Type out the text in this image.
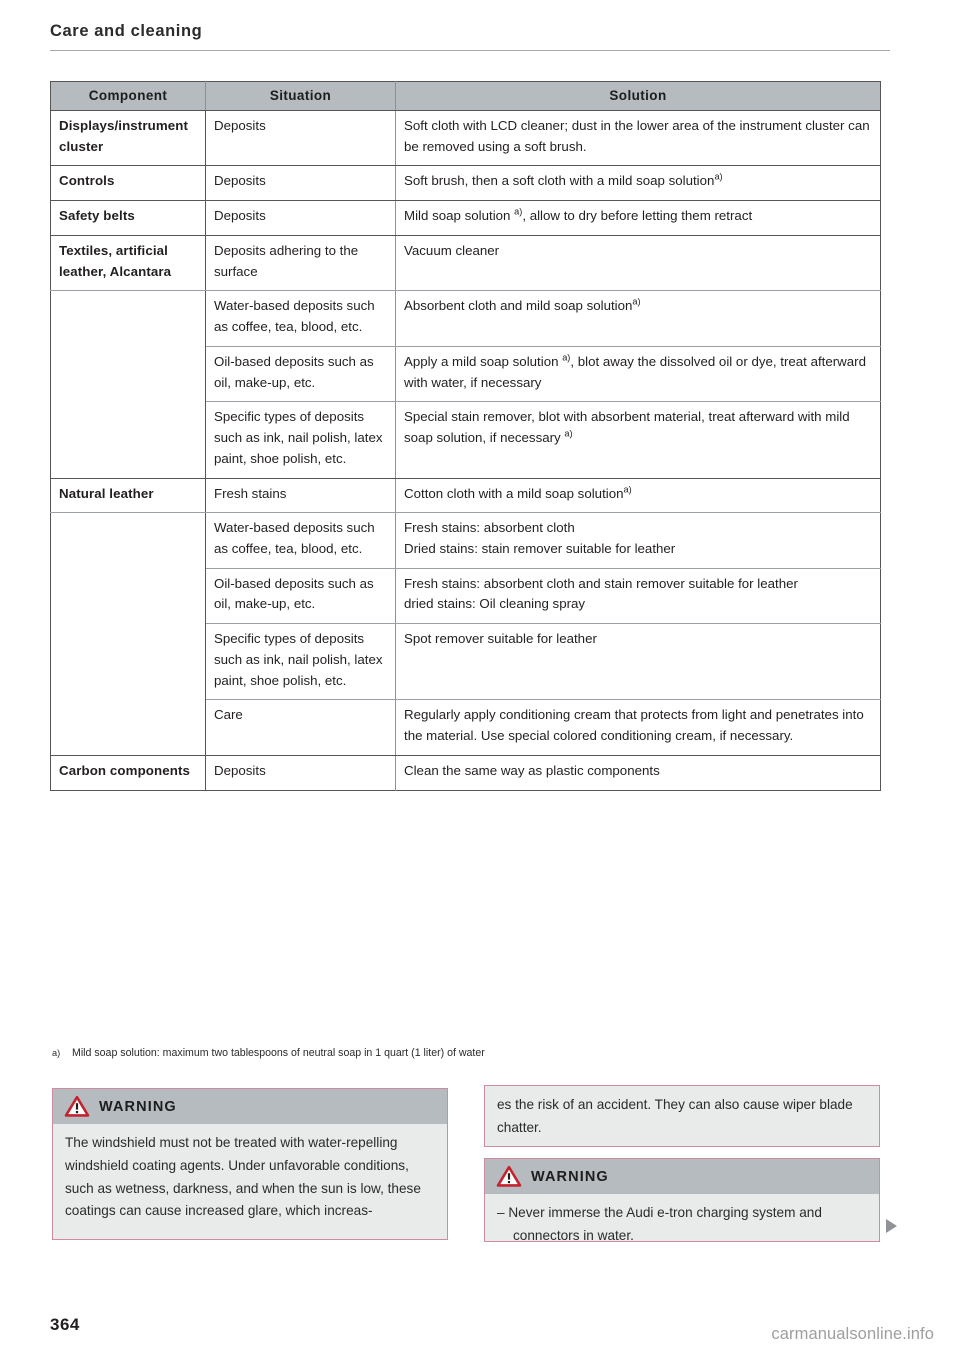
Care and cleaning
Component	Situation	Solution
Displays/instrument cluster	Deposits	Soft cloth with LCD cleaner; dust in the lower area of the instrument cluster can be removed using a soft brush.
Controls	Deposits	Soft brush, then a soft cloth with a mild soap solution$^{a)}$
Safety belts	Deposits	Mild soap solution $^{a)}$, allow to dry before letting them retract
Textiles, artificial leather, Alcantara	Deposits adhering to the surface	Vacuum cleaner
	Water-based deposits such as coffee, tea, blood, etc.	Absorbent cloth and mild soap solution$^{a)}$
	Oil-based deposits such as oil, make-up, etc.	Apply a mild soap solution $^{a)}$, blot away the dissolved oil or dye, treat afterward with water, if necessary
	Specific types of deposits such as ink, nail polish, latex paint, shoe polish, etc.	Special stain remover, blot with absorbent material, treat afterward with mild soap solution, if necessary $^{a)}$
Natural leather	Fresh stains	Cotton cloth with a mild soap solution$^{a)}$
	Water-based deposits such as coffee, tea, blood, etc.	Fresh stains: absorbent cloth
Dried stains: stain remover suitable for leather

	Oil-based deposits such as oil, make-up, etc.	Fresh stains: absorbent cloth and stain remover suitable for leather
dried stains: Oil cleaning spray

	Specific types of deposits such as ink, nail polish, latex paint, shoe polish, etc.	Spot remover suitable for leather
	Care	Regularly apply conditioning cream that protects from light and penetrates into the material. Use special colored conditioning cream, if necessary.
Carbon components	Deposits	Clean the same way as plastic components
a) Mild soap solution: maximum two tablespoons of neutral soap in 1 quart (1 liter) of water
WARNING
The windshield must not be treated with water-repelling windshield coating agents. Under unfavorable conditions, such as wetness, darkness, and when the sun is low, these coatings can cause increased glare, which increas-
es the risk of an accident. They can also cause wiper blade chatter.
WARNING
– Never immerse the Audi e-tron charging system and connectors in water.
364	carmanualsonline.info
